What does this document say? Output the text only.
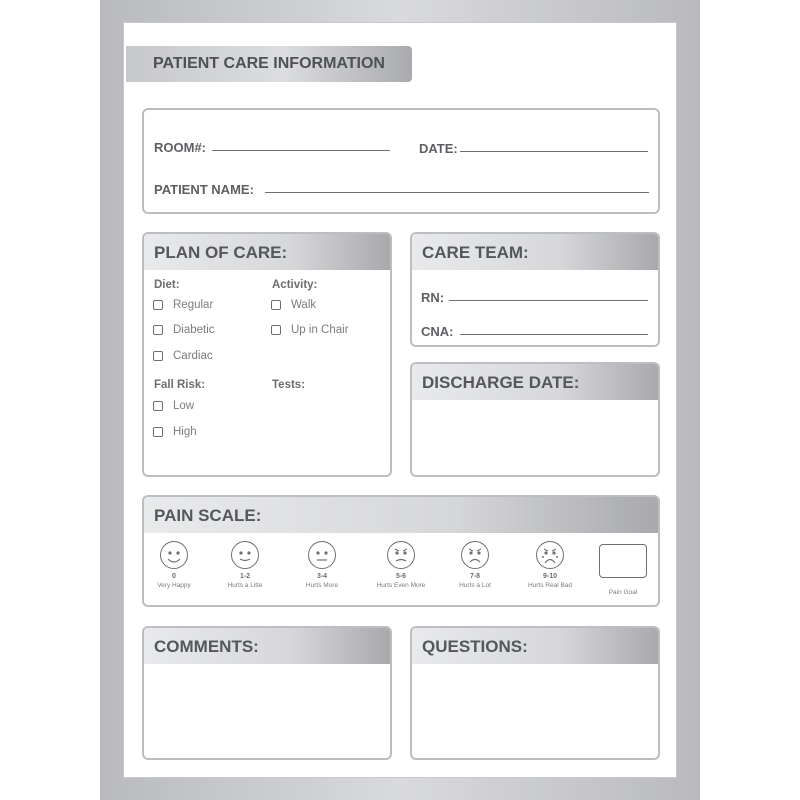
PATIENT CARE INFORMATION
ROOM#:	DATE:
PATIENT NAME:
PLAN OF CARE:
Diet:
Regular
Diabetic
Cardiac
Activity:
Walk
Up in Chair
Fall Risk:
Low
High
Tests:
CARE TEAM:
RN:
CNA:
DISCHARGE DATE:
PAIN SCALE:
0
Very Happy
1-2
Hurts a Litte
3-4
Hurts More
5-6
Hurts Even More
7-8
Hurts a Lot
9-10
Hurts Real Bad
Pain Goal
COMMENTS:	QUESTIONS:
